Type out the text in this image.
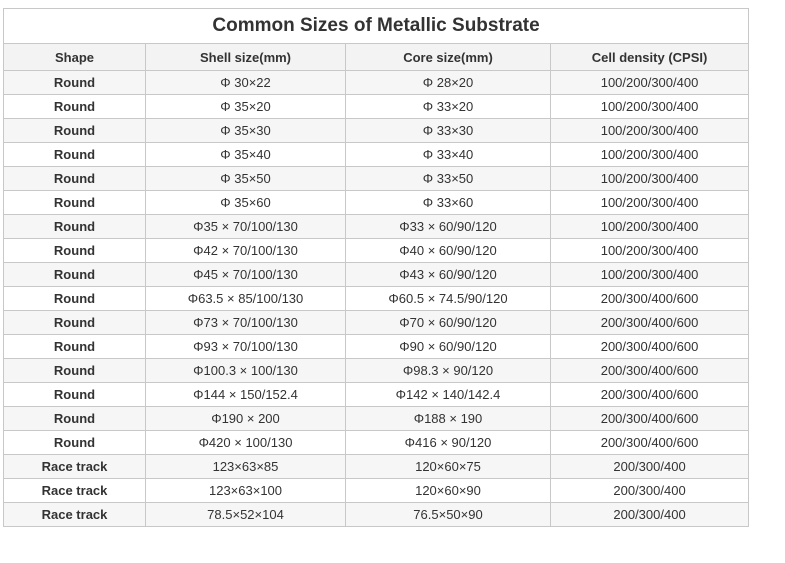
Common Sizes of Metallic Substrate			
Shape	Shell size(mm)	Core size(mm)	Cell density (CPSI)
Round	Φ 30×22	Φ 28×20	100/200/300/400
Round	Φ 35×20	Φ 33×20	100/200/300/400
Round	Φ 35×30	Φ 33×30	100/200/300/400
Round	Φ 35×40	Φ 33×40	100/200/300/400
Round	Φ 35×50	Φ 33×50	100/200/300/400
Round	Φ 35×60	Φ 33×60	100/200/300/400
Round	Φ35 × 70/100/130	Φ33 × 60/90/120	100/200/300/400
Round	Φ42 × 70/100/130	Φ40 × 60/90/120	100/200/300/400
Round	Φ45 × 70/100/130	Φ43 × 60/90/120	100/200/300/400
Round	Φ63.5 × 85/100/130	Φ60.5 × 74.5/90/120	200/300/400/600
Round	Φ73 × 70/100/130	Φ70 × 60/90/120	200/300/400/600
Round	Φ93 × 70/100/130	Φ90 × 60/90/120	200/300/400/600
Round	Φ100.3 × 100/130	Φ98.3 × 90/120	200/300/400/600
Round	Φ144 × 150/152.4	Φ142 × 140/142.4	200/300/400/600
Round	Φ190 × 200	Φ188 × 190	200/300/400/600
Round	Φ420 × 100/130	Φ416 × 90/120	200/300/400/600
Race track	123×63×85	120×60×75	200/300/400
Race track	123×63×100	120×60×90	200/300/400
Race track	78.5×52×104	76.5×50×90	200/300/400
